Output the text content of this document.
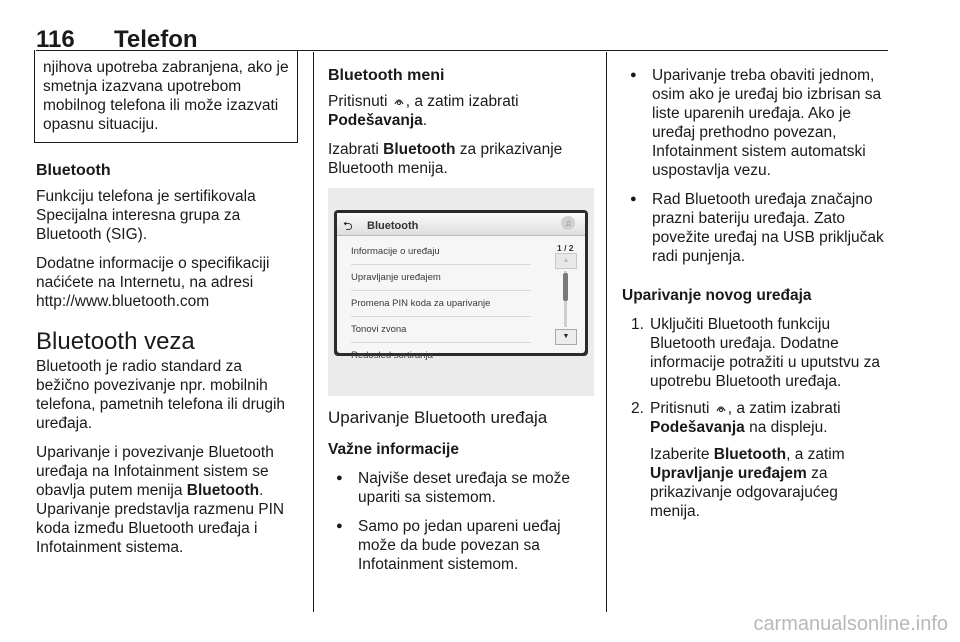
116 Telefon

njihova upotreba zabranjena, ako je smetnja izazvana upotrebom mobilnog telefona ili može izazvati opasnu situaciju.

Bluetooth

Funkciju telefona je sertifikovala Specijalna interesna grupa za Bluetooth (SIG).

Dodatne informacije o specifikaciji naćićete na Internetu, na adresi http://www.bluetooth.com

Bluetooth veza

Bluetooth je radio standard za bežično povezivanje npr. mobilnih telefona, pametnih telefona ili drugih uređaja.

Uparivanje i povezivanje Bluetooth uređaja na Infotainment sistem se obavlja putem menija Bluetooth. Uparivanje predstavlja razmenu PIN koda između Bluetooth uređaja i Infotainment sistema.

Bluetooth meni

Pritisnuti , a zatim izabrati Podešavanja.

Izabrati Bluetooth za prikazivanje Bluetooth menija.

⮌ Bluetooth	♫
Informacije o uređaju
Upravljanje uređajem
Promena PIN koda za uparivanje
Tonovi zvona
Redosled sortiranja
1 / 2
▲
▼
Uparivanje Bluetooth uređaja

Važne informacije

● Najviše deset uređaja se može upariti sa sistemom.
● Samo po jedan upareni ueđaj može da bude povezan sa Infotainment sistemom.
● Uparivanje treba obaviti jednom, osim ako je uređaj bio izbrisan sa liste uparenih uređaja. Ako je uređaj prethodno povezan, Infotainment sistem automatski uspostavlja vezu.
● Rad Bluetooth uređaja značajno prazni bateriju uređaja. Zato povežite uređaj na USB priključak radi punjenja.

Uparivanje novog uređaja

1. Uključiti Bluetooth funkciju Bluetooth uređaja. Dodatne informacije potražiti u uputstvu za upotrebu Bluetooth uređaja.
2. Pritisnuti , a zatim izabrati Podešavanja na displeju.
Izaberite Bluetooth, a zatim Upravljanje uređajem za prikazivanje odgovarajućeg menija.
carmanualsonline.info
